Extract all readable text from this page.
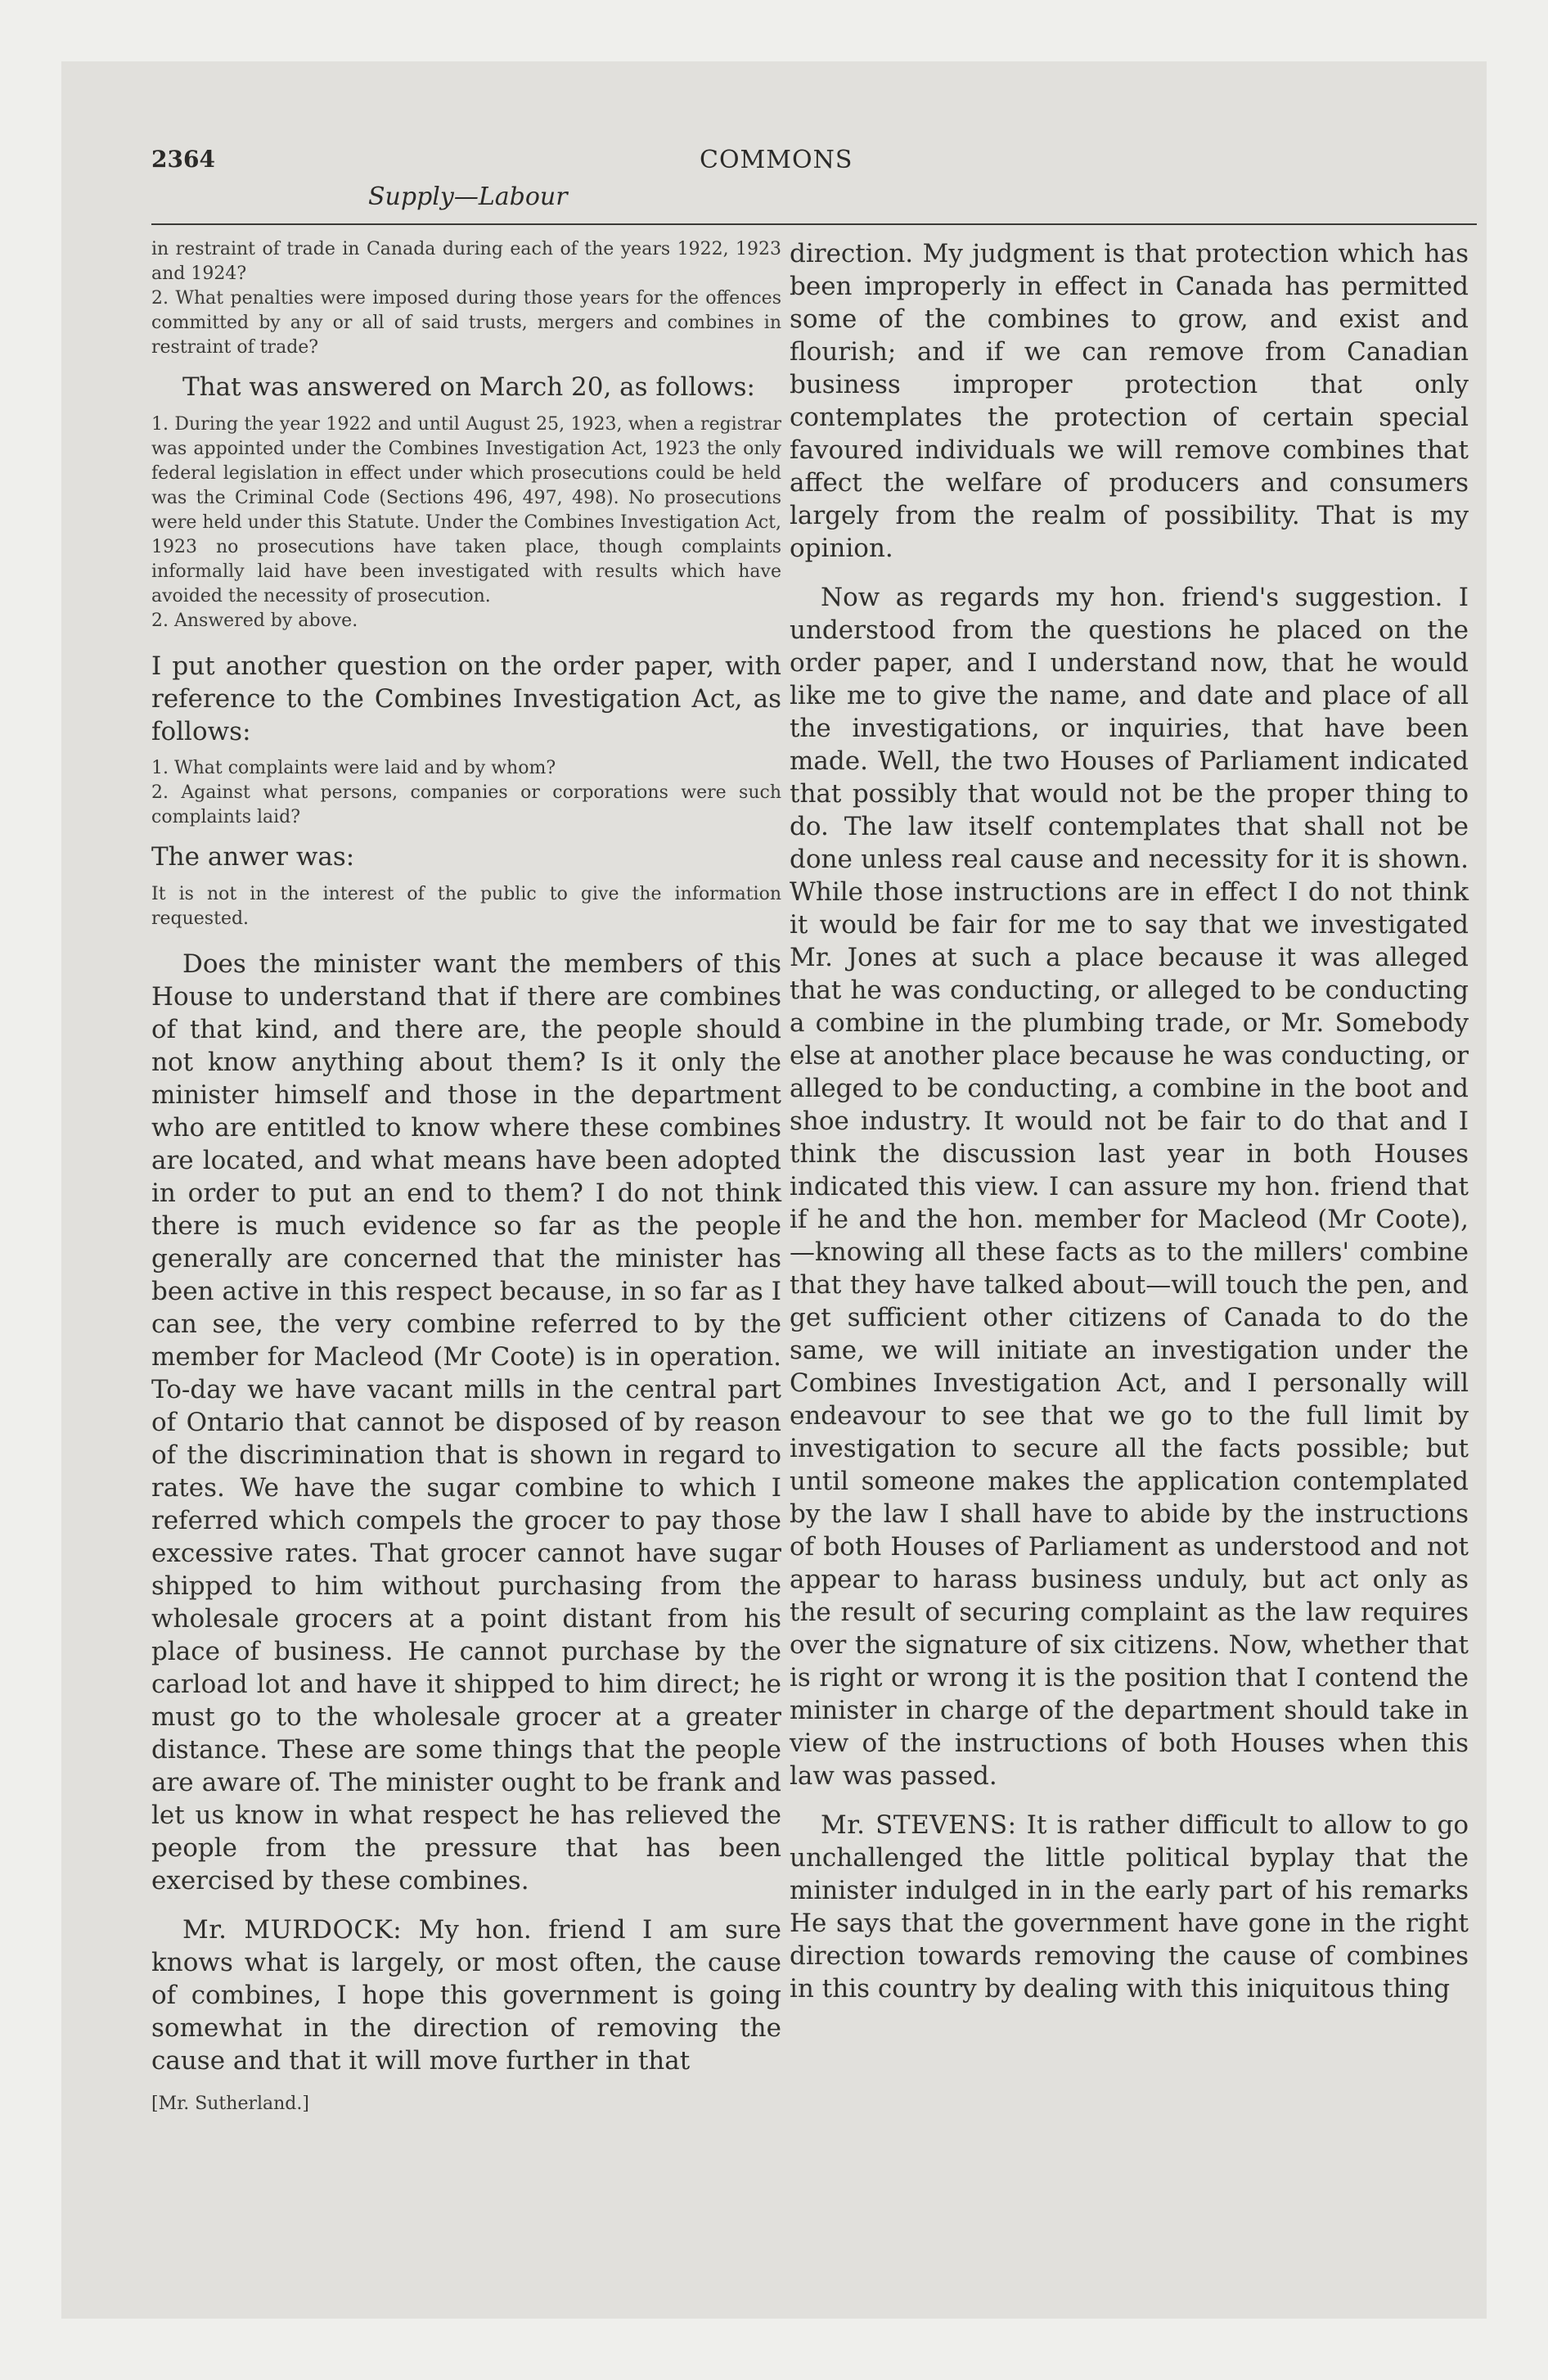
2364	COMMONS
Supply—Labour

in restraint of trade in Canada during each of the years 1922, 1923 and 1924?

2. What penalties were imposed during those years for the offences committed by any or all of said trusts, mergers and combines in restraint of trade?

That was answered on March 20, as follows:

1. During the year 1922 and until August 25, 1923, when a registrar was appointed under the Combines Investigation Act, 1923 the only federal legislation in effect under which prosecutions could be held was the Criminal Code (Sections 496, 497, 498). No prosecutions were held under this Statute. Under the Combines Investigation Act, 1923 no prosecutions have taken place, though complaints informally laid have been investigated with results which have avoided the necessity of prosecution.

2. Answered by above.

I put another question on the order paper, with reference to the Combines Investigation Act, as follows:

1. What complaints were laid and by whom?

2. Against what persons, companies or corporations were such complaints laid?

The anwer was:

It is not in the interest of the public to give the information requested.

Does the minister want the members of this House to understand that if there are combines of that kind, and there are, the people should not know anything about them? Is it only the minister himself and those in the department who are entitled to know where these combines are located, and what means have been adopted in order to put an end to them? I do not think there is much evidence so far as the people generally are concerned that the minister has been active in this respect because, in so far as I can see, the very combine referred to by the member for Macleod (Mr Coote) is in operation. To-day we have vacant mills in the central part of Ontario that cannot be disposed of by reason of the discrimination that is shown in regard to rates. We have the sugar combine to which I referred which compels the grocer to pay those excessive rates. That grocer cannot have sugar shipped to him without purchasing from the wholesale grocers at a point distant from his place of business. He cannot purchase by the carload lot and have it shipped to him direct; he must go to the wholesale grocer at a greater distance. These are some things that the people are aware of. The minister ought to be frank and let us know in what respect he has relieved the people from the pressure that has been exercised by these combines.

Mr. MURDOCK: My hon. friend I am sure knows what is largely, or most often, the cause of combines, I hope this government is going somewhat in the direction of removing the cause and that it will move further in that

[Mr. Sutherland.]

direction. My judgment is that protection which has been improperly in effect in Canada has permitted some of the combines to grow, and exist and flourish; and if we can remove from Canadian business improper protection that only contemplates the protection of certain special favoured individuals we will remove combines that affect the welfare of producers and consumers largely from the realm of possibility. That is my opinion.

Now as regards my hon. friend's suggestion. I understood from the questions he placed on the order paper, and I understand now, that he would like me to give the name, and date and place of all the investigations, or inquiries, that have been made. Well, the two Houses of Parliament indicated that possibly that would not be the proper thing to do. The law itself contemplates that shall not be done unless real cause and necessity for it is shown. While those instructions are in effect I do not think it would be fair for me to say that we investigated Mr. Jones at such a place because it was alleged that he was conducting, or alleged to be conducting a combine in the plumbing trade, or Mr. Somebody else at another place because he was conducting, or alleged to be conducting, a combine in the boot and shoe industry. It would not be fair to do that and I think the discussion last year in both Houses indicated this view. I can assure my hon. friend that if he and the hon. member for Macleod (Mr Coote),—knowing all these facts as to the millers' combine that they have talked about—will touch the pen, and get sufficient other citizens of Canada to do the same, we will initiate an investigation under the Combines Investigation Act, and I personally will endeavour to see that we go to the full limit by investigation to secure all the facts possible; but until someone makes the application contemplated by the law I shall have to abide by the instructions of both Houses of Parliament as understood and not appear to harass business unduly, but act only as the result of securing complaint as the law requires over the signature of six citizens. Now, whether that is right or wrong it is the position that I contend the minister in charge of the department should take in view of the instructions of both Houses when this law was passed.

Mr. STEVENS: It is rather difficult to allow to go unchallenged the little political byplay that the minister indulged in in the early part of his remarks He says that the government have gone in the right direction towards removing the cause of combines in this country by dealing with this iniquitous thing
